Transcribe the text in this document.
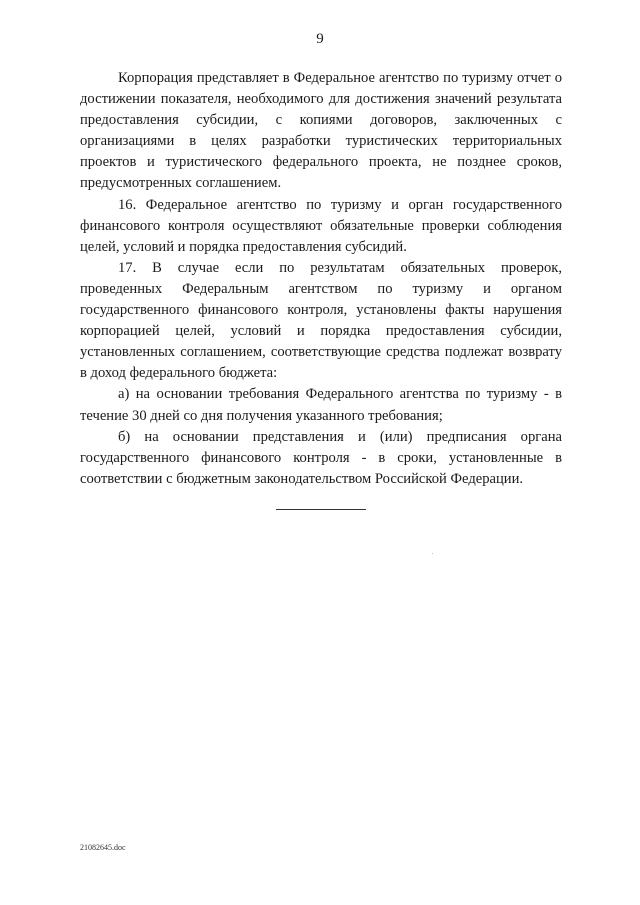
9

Корпорация представляет в Федеральное агентство по туризму отчет о достижении показателя, необходимого для достижения значений результата предоставления субсидии, с копиями договоров, заключенных с организациями в целях разработки туристических территориальных проектов и туристического федерального проекта, не позднее сроков, предусмотренных соглашением.

16. Федеральное агентство по туризму и орган государственного финансового контроля осуществляют обязательные проверки соблюдения целей, условий и порядка предоставления субсидий.

17. В случае если по результатам обязательных проверок, проведенных Федеральным агентством по туризму и органом государственного финансового контроля, установлены факты нарушения корпорацией целей, условий и порядка предоставления субсидии, установленных соглашением, соответствующие средства подлежат возврату в доход федерального бюджета:

а) на основании требования Федерального агентства по туризму - в течение 30 дней со дня получения указанного требования;

б) на основании представления и (или) предписания органа государственного финансового контроля - в сроки, установленные в соответствии с бюджетным законодательством Российской Федерации.

21082645.doc
